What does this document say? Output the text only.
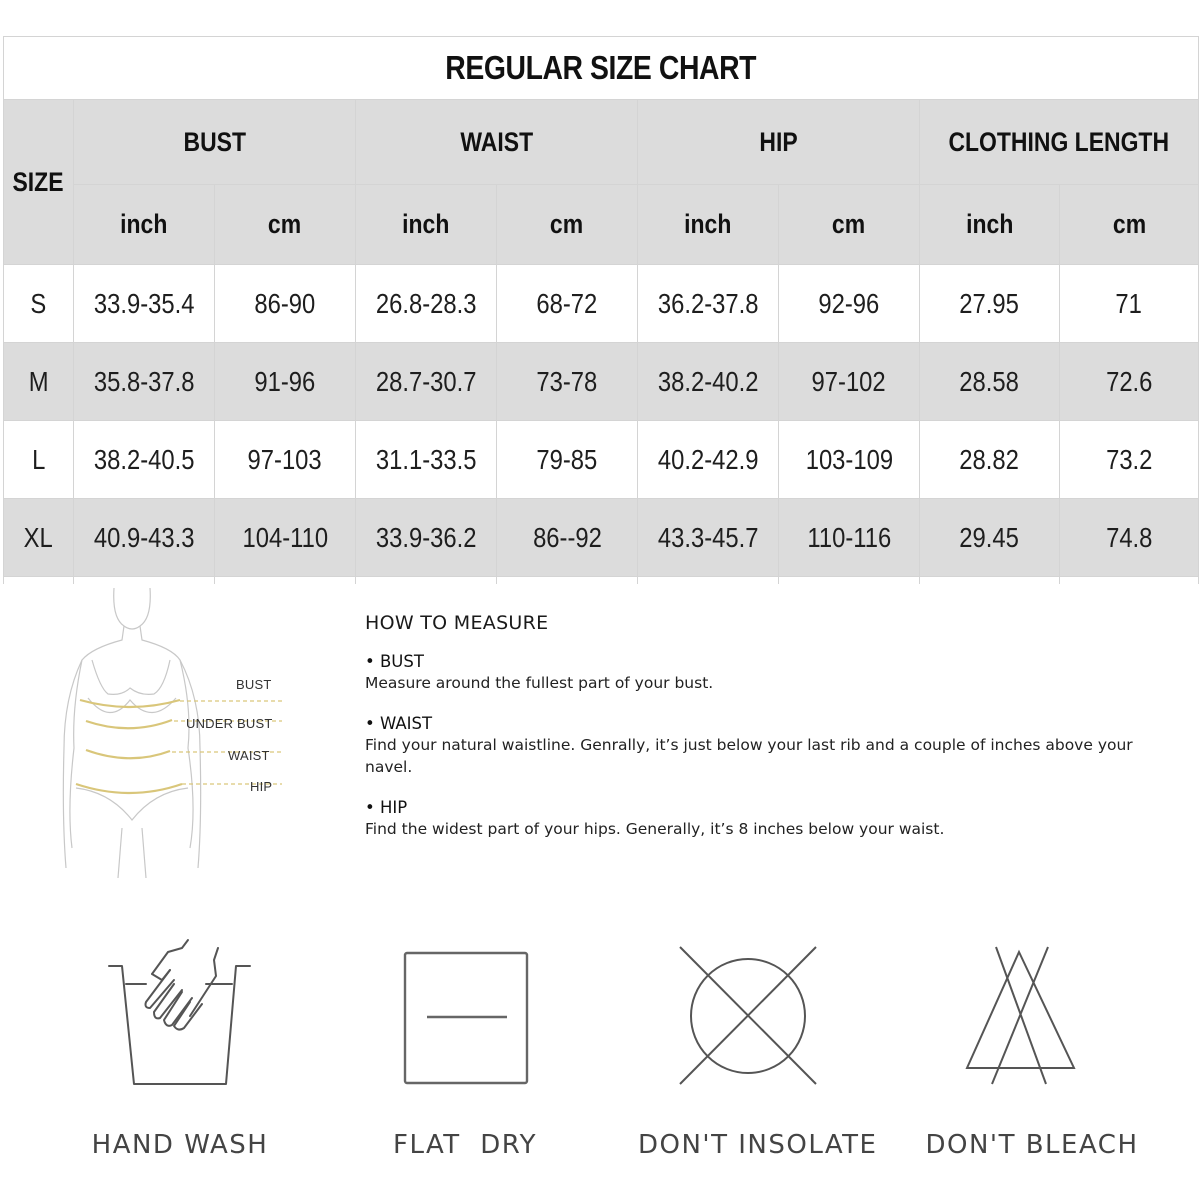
REGULAR SIZE CHART								
SIZE	BUST		WAIST		HIP		CLOTHING LENGTH	
	inch	cm	inch	cm	inch	cm	inch	cm
S	33.9-35.4	86-90	26.8-28.3	68-72	36.2-37.8	92-96	27.95	71
M	35.8-37.8	91-96	28.7-30.7	73-78	38.2-40.2	97-102	28.58	72.6
L	38.2-40.5	97-103	31.1-33.5	79-85	40.2-42.9	103-109	28.82	73.2
XL	40.9-43.3	104-110	33.9-36.2	86--92	43.3-45.7	110-116	29.45	74.8

BUST
UNDER BUST
WAIST
HIP
HOW TO MEASURE
• BUST
Measure around the fullest part of your bust.
• WAIST
Find your natural waistline. Genrally, it’s just below your last rib and a couple of inches above your navel.
• HIP
Find the widest part of your hips. Generally, it’s 8 inches below your waist.
HAND WASH	FLAT  DRY	DON'T INSOLATE DON'T BLEACH
